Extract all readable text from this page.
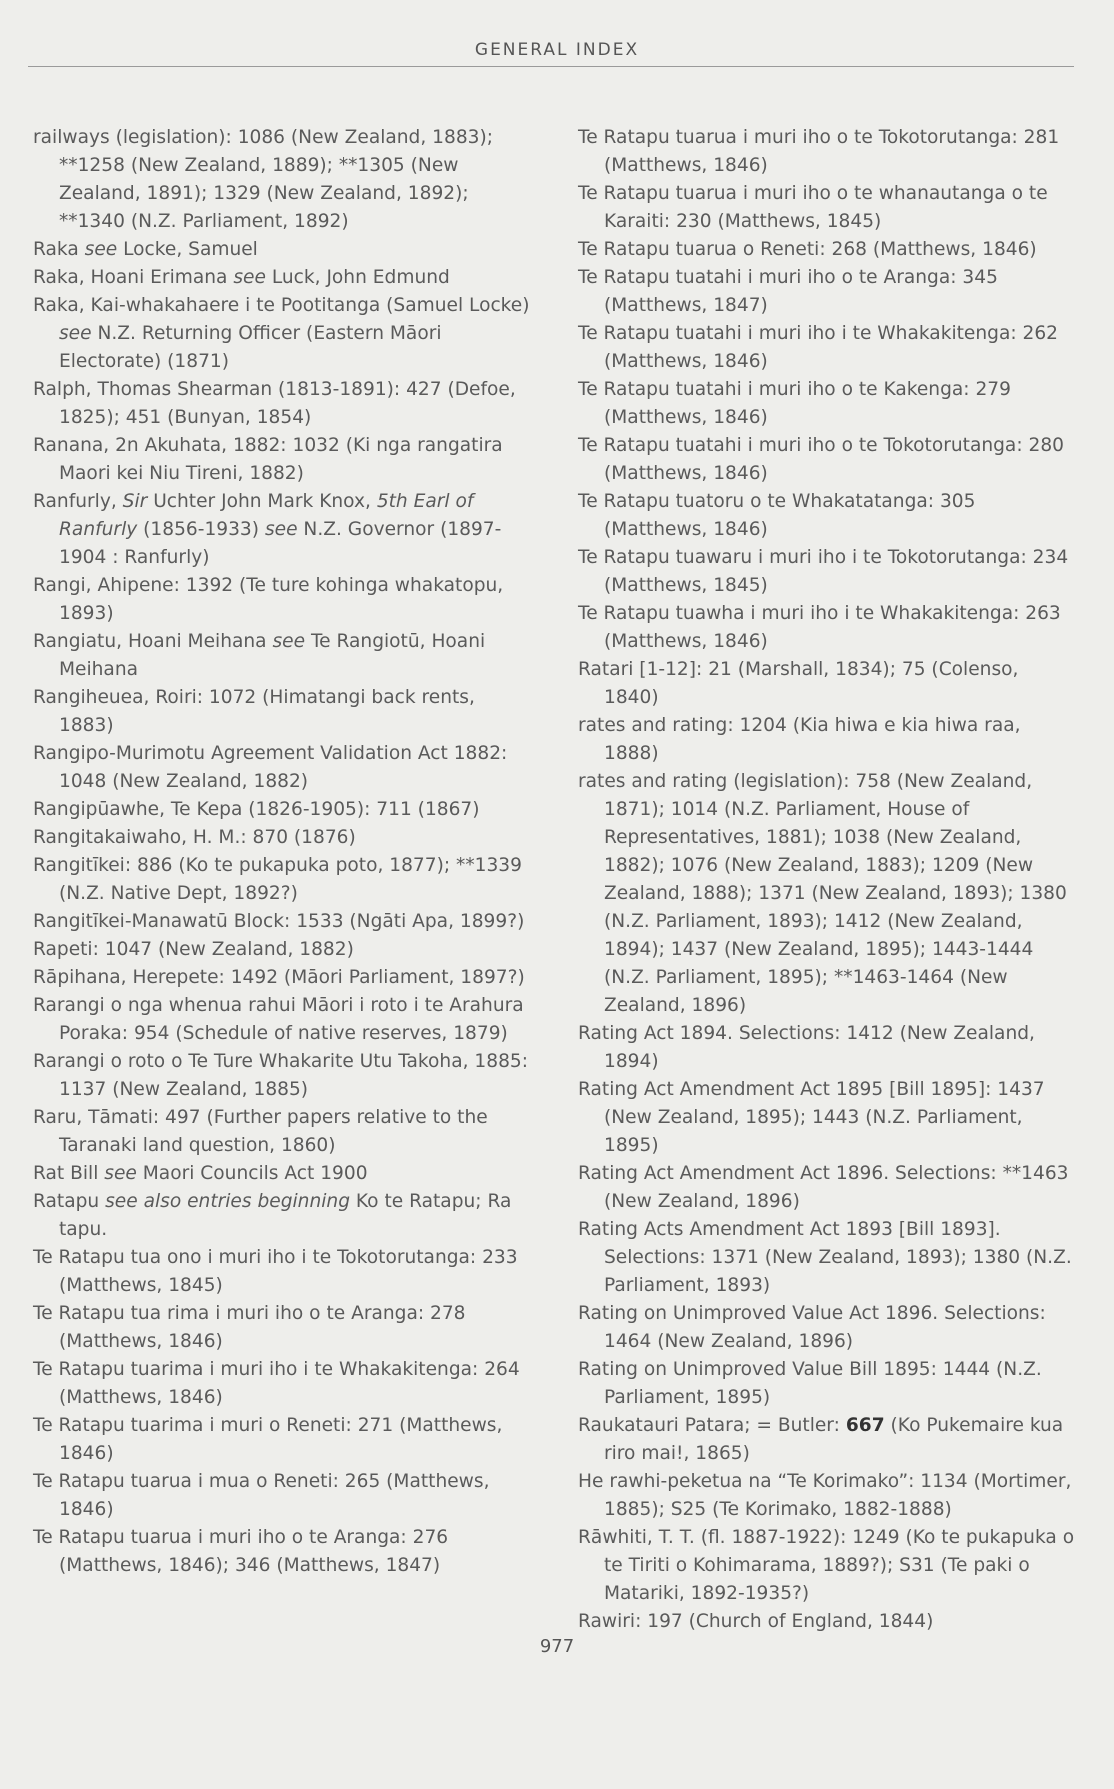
GENERAL INDEX

railways (legislation): 1086 (New Zealand, 1883); **1258 (New Zealand, 1889); **1305 (New Zealand, 1891); 1329 (New Zealand, 1892); **1340 (N.Z. Parliament, 1892)

Raka see Locke, Samuel

Raka, Hoani Erimana see Luck, John Edmund

Raka, Kai-whakahaere i te Pootitanga (Samuel Locke) see N.Z. Returning Officer (Eastern Māori Electorate) (1871)

Ralph, Thomas Shearman (1813-1891): 427 (Defoe, 1825); 451 (Bunyan, 1854)

Ranana, 2n Akuhata, 1882: 1032 (Ki nga rangatira Maori kei Niu Tireni, 1882)

Ranfurly, Sir Uchter John Mark Knox, 5th Earl of Ranfurly (1856-1933) see N.Z. Governor (1897-1904 : Ranfurly)

Rangi, Ahipene: 1392 (Te ture kohinga whakatopu, 1893)

Rangiatu, Hoani Meihana see Te Rangiotū, Hoani Meihana

Rangiheuea, Roiri: 1072 (Himatangi back rents, 1883)

Rangipo-Murimotu Agreement Validation Act 1882: 1048 (New Zealand, 1882)

Rangipūawhe, Te Kepa (1826-1905): 711 (1867)

Rangitakaiwaho, H. M.: 870 (1876)

Rangitīkei: 886 (Ko te pukapuka poto, 1877); **1339 (N.Z. Native Dept, 1892?)

Rangitīkei-Manawatū Block: 1533 (Ngāti Apa, 1899?)

Rapeti: 1047 (New Zealand, 1882)

Rāpihana, Herepete: 1492 (Māori Parliament, 1897?)

Rarangi o nga whenua rahui Māori i roto i te Arahura Poraka: 954 (Schedule of native reserves, 1879)

Rarangi o roto o Te Ture Whakarite Utu Takoha, 1885: 1137 (New Zealand, 1885)

Raru, Tāmati: 497 (Further papers relative to the Taranaki land question, 1860)

Rat Bill see Maori Councils Act 1900

Ratapu see also entries beginning Ko te Ratapu; Ra tapu.

Te Ratapu tua ono i muri iho i te Tokotorutanga: 233 (Matthews, 1845)

Te Ratapu tua rima i muri iho o te Aranga: 278 (Matthews, 1846)

Te Ratapu tuarima i muri iho i te Whakakitenga: 264 (Matthews, 1846)

Te Ratapu tuarima i muri o Reneti: 271 (Matthews, 1846)

Te Ratapu tuarua i mua o Reneti: 265 (Matthews, 1846)

Te Ratapu tuarua i muri iho o te Aranga: 276 (Matthews, 1846); 346 (Matthews, 1847)

Te Ratapu tuarua i muri iho o te Tokotorutanga: 281 (Matthews, 1846)

Te Ratapu tuarua i muri iho o te whanautanga o te Karaiti: 230 (Matthews, 1845)

Te Ratapu tuarua o Reneti: 268 (Matthews, 1846)

Te Ratapu tuatahi i muri iho o te Aranga: 345 (Matthews, 1847)

Te Ratapu tuatahi i muri iho i te Whakakitenga: 262 (Matthews, 1846)

Te Ratapu tuatahi i muri iho o te Kakenga: 279 (Matthews, 1846)

Te Ratapu tuatahi i muri iho o te Tokotorutanga: 280 (Matthews, 1846)

Te Ratapu tuatoru o te Whakatatanga: 305 (Matthews, 1846)

Te Ratapu tuawaru i muri iho i te Tokotorutanga: 234 (Matthews, 1845)

Te Ratapu tuawha i muri iho i te Whakakitenga: 263 (Matthews, 1846)

Ratari [1-12]: 21 (Marshall, 1834); 75 (Colenso, 1840)

rates and rating: 1204 (Kia hiwa e kia hiwa raa, 1888)

rates and rating (legislation): 758 (New Zealand, 1871); 1014 (N.Z. Parliament, House of Representatives, 1881); 1038 (New Zealand, 1882); 1076 (New Zealand, 1883); 1209 (New Zealand, 1888); 1371 (New Zealand, 1893); 1380 (N.Z. Parliament, 1893); 1412 (New Zealand, 1894); 1437 (New Zealand, 1895); 1443-1444 (N.Z. Parliament, 1895); **1463-1464 (New Zealand, 1896)

Rating Act 1894. Selections: 1412 (New Zealand, 1894)

Rating Act Amendment Act 1895 [Bill 1895]: 1437 (New Zealand, 1895); 1443 (N.Z. Parliament, 1895)

Rating Act Amendment Act 1896. Selections: **1463 (New Zealand, 1896)

Rating Acts Amendment Act 1893 [Bill 1893]. Selections: 1371 (New Zealand, 1893); 1380 (N.Z. Parliament, 1893)

Rating on Unimproved Value Act 1896. Selections: 1464 (New Zealand, 1896)

Rating on Unimproved Value Bill 1895: 1444 (N.Z. Parliament, 1895)

Raukatauri Patara; = Butler: 667 (Ko Pukemaire kua riro mai!, 1865)

He rawhi-peketua na “Te Korimako”: 1134 (Mortimer, 1885); S25 (Te Korimako, 1882-1888)

Rāwhiti, T. T. (fl. 1887-1922): 1249 (Ko te pukapuka o te Tiriti o Kohimarama, 1889?); S31 (Te paki o Matariki, 1892-1935?)

Rawiri: 197 (Church of England, 1844)

977
